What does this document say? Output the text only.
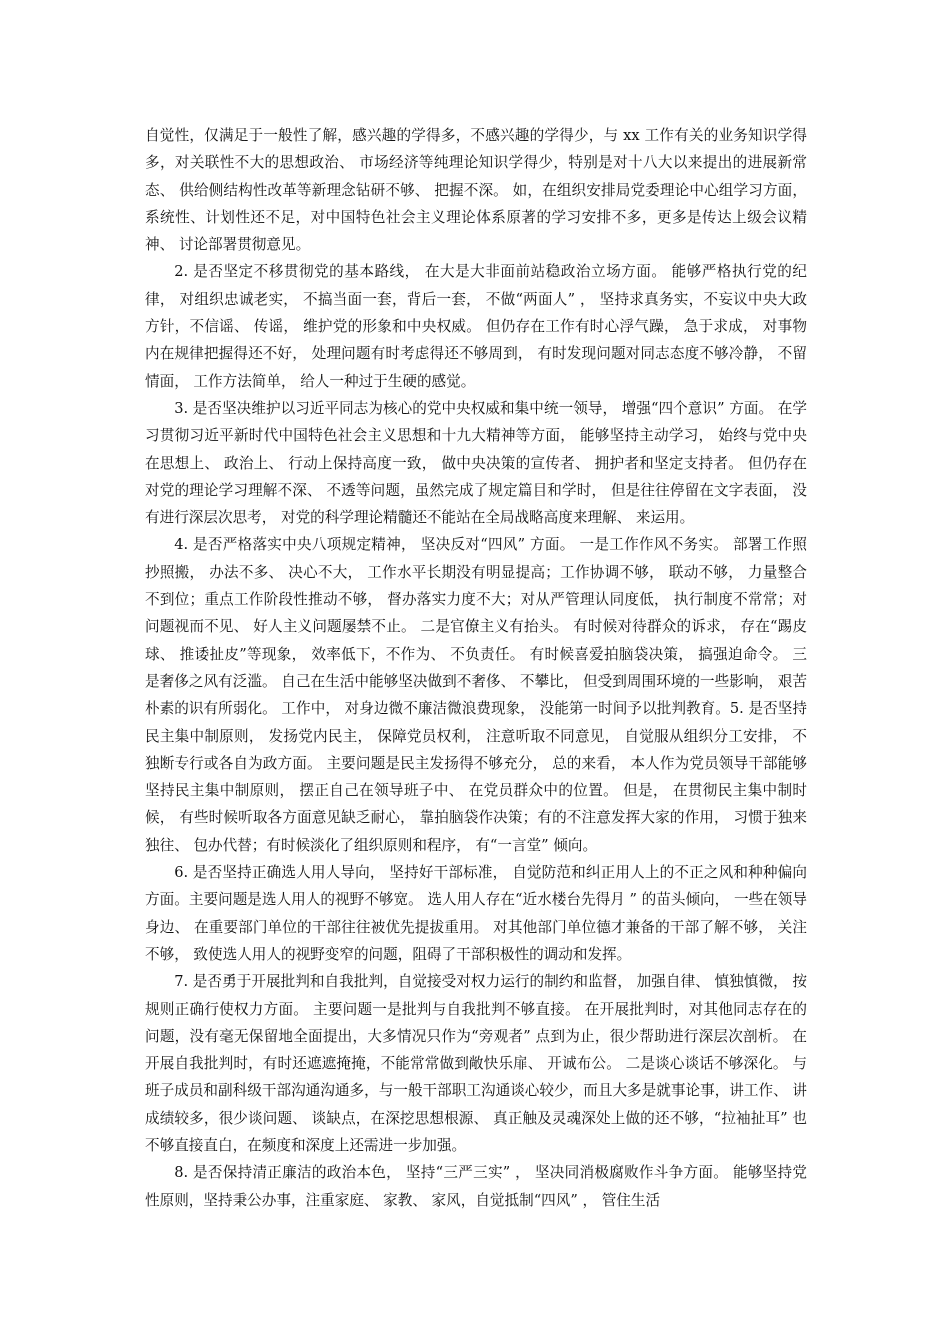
自觉性，仅满足于一般性了解，感兴趣的学得多，不感兴趣的学得少，与 xx 工作有关的业务知识学得多，对关联性不大的思想政治、 市场经济等纯理论知识学得少，特别是对十八大以来提出的进展新常态、 供给侧结构性改革等新理念钻研不够、 把握不深。 如，在组织安排局党委理论中心组学习方面，系统性、计划性还不足，对中国特色社会主义理论体系原著的学习安排不多，更多是传达上级会议精神、 讨论部署贯彻意见。

2. 是否坚定不移贯彻党的基本路线， 在大是大非面前站稳政治立场方面。 能够严格执行党的纪律， 对组织忠诚老实， 不搞当面一套，背后一套， 不做“两面人” ， 坚持求真务实，不妄议中央大政方针，不信谣、 传谣， 维护党的形象和中央权威。 但仍存在工作有时心浮气躁， 急于求成， 对事物内在规律把握得还不好， 处理问题有时考虑得还不够周到， 有时发现问题对同志态度不够冷静， 不留情面， 工作方法简单， 给人一种过于生硬的感觉。

3. 是否坚决维护以习近平同志为核心的党中央权威和集中统一领导， 增强“四个意识” 方面。 在学习贯彻习近平新时代中国特色社会主义思想和十九大精神等方面， 能够坚持主动学习， 始终与党中央在思想上、 政治上、 行动上保持高度一致， 做中央决策的宣传者、 拥护者和坚定支持者。 但仍存在对党的理论学习理解不深、 不透等问题，虽然完成了规定篇目和学时， 但是往往停留在文字表面， 没有进行深层次思考， 对党的科学理论精髓还不能站在全局战略高度来理解、 来运用。

4. 是否严格落实中央八项规定精神， 坚决反对“四风” 方面。 一是工作作风不务实。 部署工作照抄照搬， 办法不多、 决心不大， 工作水平长期没有明显提高；工作协调不够， 联动不够， 力量整合不到位；重点工作阶段性推动不够， 督办落实力度不大；对从严管理认同度低， 执行制度不常常；对问题视而不见、 好人主义问题屡禁不止。 二是官僚主义有抬头。 有时候对待群众的诉求， 存在“踢皮球、 推诿扯皮”等现象， 效率低下，不作为、 不负责任。 有时候喜爱拍脑袋决策， 搞强迫命令。 三是奢侈之风有泛滥。 自己在生活中能够坚决做到不奢侈、 不攀比， 但受到周围环境的一些影响， 艰苦朴素的识有所弱化。 工作中， 对身边微不廉洁微浪费现象， 没能第一时间予以批判教育。5. 是否坚持民主集中制原则， 发扬党内民主， 保障党员权利， 注意听取不同意见， 自觉服从组织分工安排， 不独断专行或各自为政方面。 主要问题是民主发扬得不够充分， 总的来看， 本人作为党员领导干部能够坚持民主集中制原则， 摆正自己在领导班子中、 在党员群众中的位置。 但是， 在贯彻民主集中制时候， 有些时候听取各方面意见缺乏耐心， 靠拍脑袋作决策；有的不注意发挥大家的作用， 习惯于独来独往、 包办代替；有时候淡化了组织原则和程序， 有“一言堂” 倾向。

6. 是否坚持正确选人用人导向， 坚持好干部标准， 自觉防范和纠正用人上的不正之风和种种偏向方面。主要问题是选人用人的视野不够宽。 选人用人存在“近水楼台先得月 ” 的苗头倾向， 一些在领导身边、 在重要部门单位的干部往往被优先提拔重用。 对其他部门单位德才兼备的干部了解不够， 关注不够， 致使选人用人的视野变窄的问题，阻碍了干部积极性的调动和发挥。

7. 是否勇于开展批判和自我批判，自觉接受对权力运行的制约和监督， 加强自律、 慎独慎微， 按规则正确行使权力方面。 主要问题一是批判与自我批判不够直接。 在开展批判时，对其他同志存在的问题，没有毫无保留地全面提出，大多情况只作为“旁观者” 点到为止，很少帮助进行深层次剖析。 在开展自我批判时，有时还遮遮掩掩，不能常常做到敞快乐扉、 开诚布公。 二是谈心谈话不够深化。 与班子成员和副科级干部沟通沟通多，与一般干部职工沟通谈心较少，而且大多是就事论事，讲工作、 讲成绩较多，很少谈问题、 谈缺点，在深挖思想根源、 真正触及灵魂深处上做的还不够，“拉袖扯耳” 也不够直接直白，在频度和深度上还需进一步加强。

8. 是否保持清正廉洁的政治本色， 坚持“三严三实” ， 坚决同消极腐败作斗争方面。 能够坚持党性原则，坚持秉公办事，注重家庭、 家教、 家风，自觉抵制“四风” ， 管住生活
